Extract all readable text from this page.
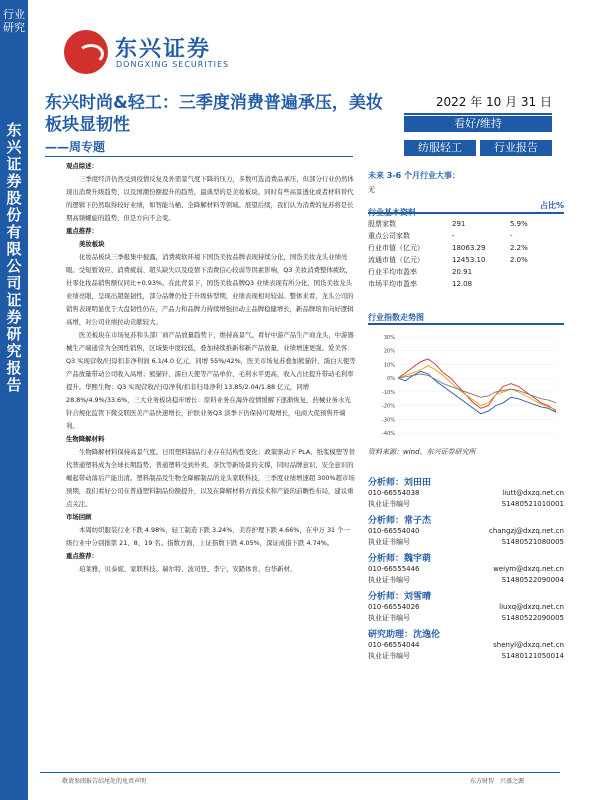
行业研究
东兴证券股份有限公司证券研究报告
东兴证券
DONGXING SECURITIES
东兴时尚&轻工：三季度消费普遍承压，美妆板块显韧性
——周专题
2022 年 10 月 31 日
看好/维持
纺服轻工	行业报告
观点综述：

三季度经济仍然受到疫情反复及外需景气度下降的压力，多数可选消费品承压，但部分行业仍然体现出消费升级趋势，以及国潮份额提升的趋势，最典型的是美妆板块。同时有些高景透化或者材料替代的逻辑下仍然取得较好业绩，如智能马桶、全降解材料等领域。展望后续，我们认为消费的复苏将是长期高频螺旋的趋势，但是方向不会变。

重点推荐：
美妆板块

化妆品板块三季报集中披露，消费疲软环境下国货美妆品牌表现持续分化，国货美妆龙头业绩亮眼。受短暂效应、消费疲弱、超头缺失以及疫情下消费信心较弱等因素影响，Q3 美妆消费整体疲软，社零化妆品销售额仅同比+0.93%。在此背景下，国货美妆品牌Q3 业绩表现有所分化，国货美妆龙头业绩亮眼，呈现出超强韧性，部分品牌仍处于升级转型期，业绩表现相对较弱。整体来看，龙头公司的销售表现明显优于大盘韧性仍在，产品力和品牌力持续增强拉动主品牌稳健增长，新品牌培育向好逻辑高增，对公司业绩拉动贡献较大。

医美板块在市场复苏和头部厂商产品放量趋势下，维持高景气。看好中游产品生产商龙头，中游器械生产端通常为全国性销售，区域集中度较低，叠加持续推新和新产品放量，业绩增速更强。爱美客：Q3 实现营收/归母扣非净利润 6.1/4.0 亿元，同增 55%/42%，医美市场复苏叠加熊猫针、濡白天使等产品放量带动公司收入高增；熊猫针、濡白天使等产品单价、毛利水平更高，收入占比提升带动毛利率提升。华熙生物：Q3 实现营收/归母净利/扣非归母净利 13.85/2.04/1.88 亿元，同增 28.8%/4.9%/33.6%，三大业务板块稳步增长：原料业务在海外疫情缓解下逐渐恢复，药械业务水光针合规化监管下微交联医美产品快速增长，护肤业务Q3 淡季下仍保持可观增长，电商大促预售开端利。

生物降解材料

生物降解材料保持高景气度。日用塑料制品行业存在结构性变化：政策驱动下 PLA、纸浆模塑等替代普通塑料成为全球长期趋势；普通塑料受到外卖、茶饮等新场景的支撑，同时品牌意识、安全意识的崛起带动落后产能出清。塑料制品及生物全降解制品的龙头家联科技，三季度业绩增速超 300%超市场预期，我们看好公司在普通塑料制品份额提升，以及在降解材料方面技术和产能的前瞻性布局，建议重点关注。

市场回顾

本周纺织服装行业下跌 4.98%，轻工制造下跌 3.24%，美容护理下跌 4.66%，在申万 31 个一级行业中分别排第 21、8、19 名。指数方面，上证指数下跌 4.05%，深证成指下跌 4.74%。

重点推荐：

珀莱雅、贝泰妮、家联科技、瑞尔特、波司登、李宁、安踏体育、台华新材、

未来 3-6 个月行业大事：
无
行业基本资料
占比%
股票家数	291	5.9%
重点公司家数	-	-
行业市值（亿元）	18063.29	2.2%
流通市值（亿元）	12453.10	2.0%
行业平均市盈率	20.91
市场平均市盈率	12.08
行业指数走势图
30%
20%
10%
0%
-10%
-20%
-30%
-40%
资料来源：wind、东兴证券研究所
分析师：刘田田
010-66554038	liutt@dxzq.net.cn
执业证书编号	S1480521010001
分析师：常子杰
010-66554040	changzj@dxzq.net.cn
执业证书编号	S1480521080005
分析师：魏宇萌
010-66555446	weiym@dxzq.net.cn
执业证书编号	S1480522090004
分析师：刘雪晴
010-66554026	liuxq@dxzq.net.cn
执业证书编号	S1480522090005
研究助理：沈逸伦
010-66554044	shenyl@dxzq.net.cn
执业证书编号	S1480121050014
敬请参阅报告结尾处的免责声明	东方财智　兴盛之源
